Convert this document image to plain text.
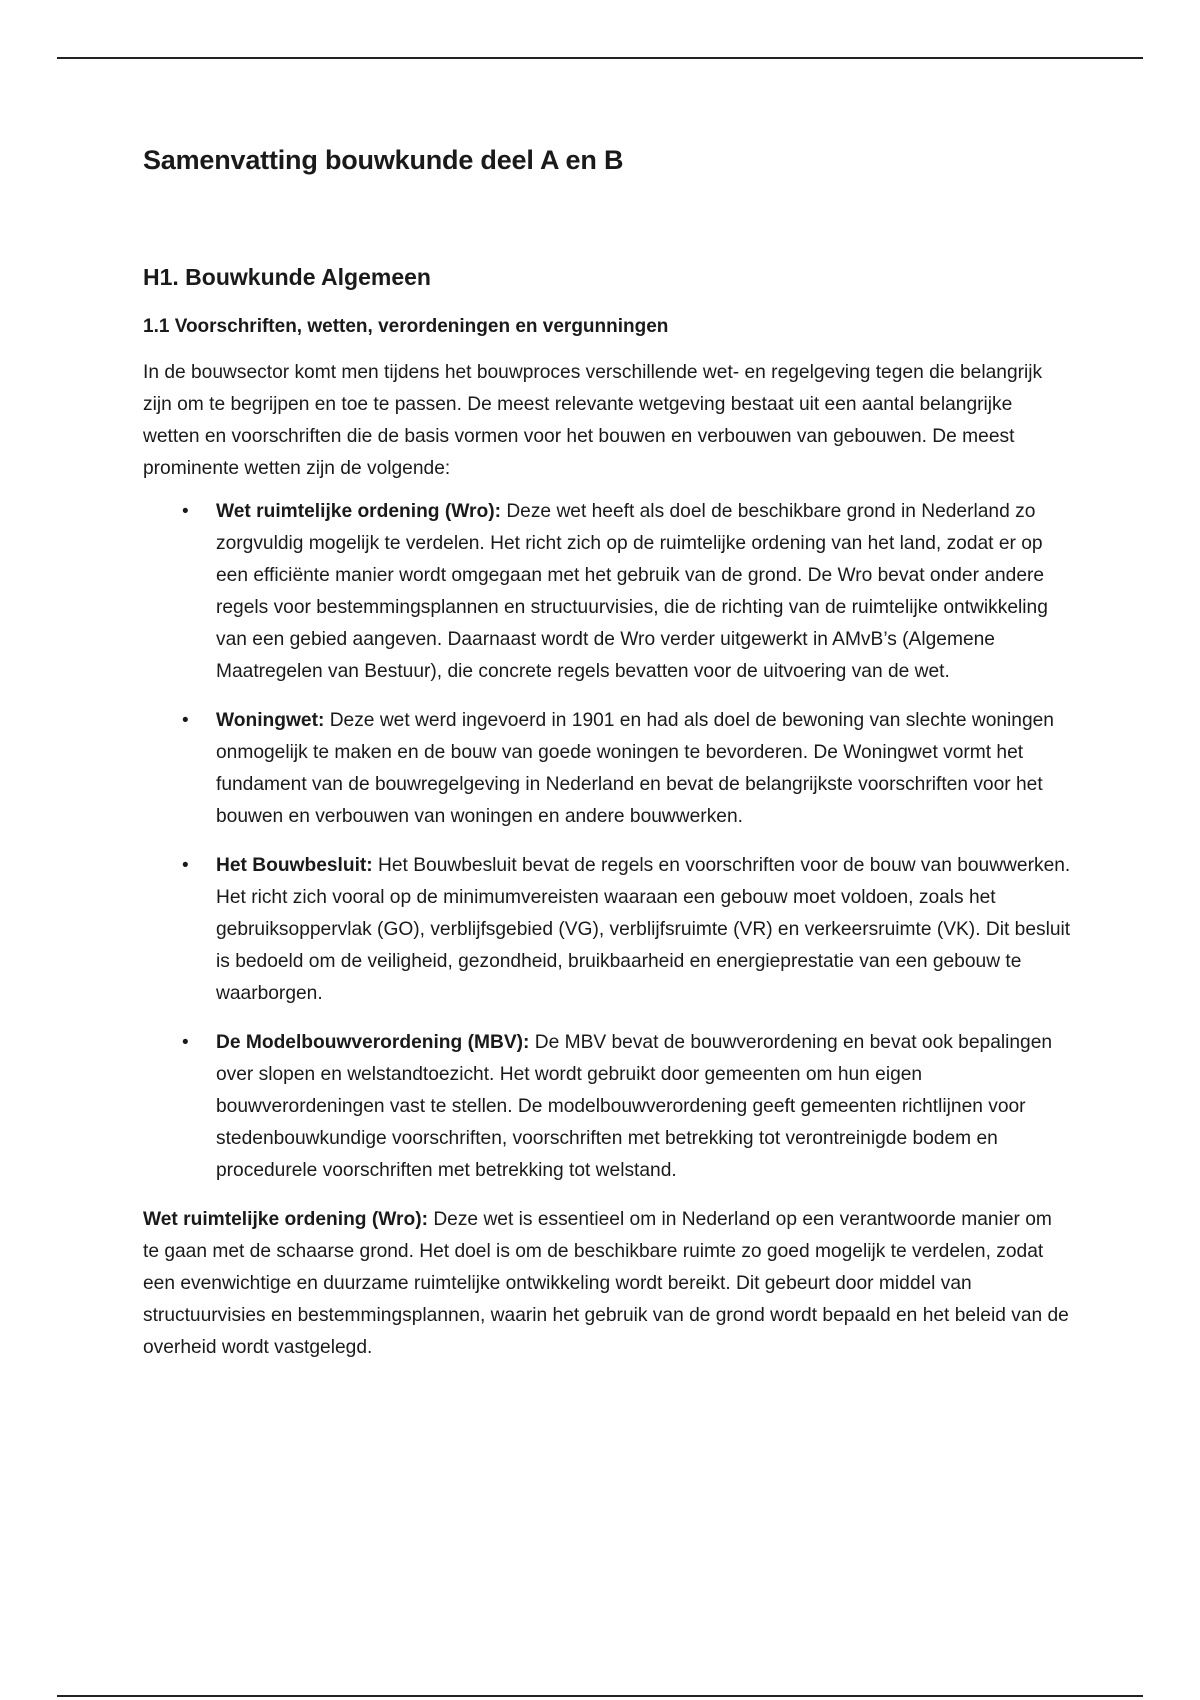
Samenvatting bouwkunde deel A en B
H1. Bouwkunde Algemeen
1.1 Voorschriften, wetten, verordeningen en vergunningen

In de bouwsector komt men tijdens het bouwproces verschillende wet- en regelgeving tegen die belangrijk zijn om te begrijpen en toe te passen. De meest relevante wetgeving bestaat uit een aantal belangrijke wetten en voorschriften die de basis vormen voor het bouwen en verbouwen van gebouwen. De meest prominente wetten zijn de volgende:

• Wet ruimtelijke ordening (Wro): Deze wet heeft als doel de beschikbare grond in Nederland zo zorgvuldig mogelijk te verdelen. Het richt zich op de ruimtelijke ordening van het land, zodat er op een efficiënte manier wordt omgegaan met het gebruik van de grond. De Wro bevat onder andere regels voor bestemmingsplannen en structuurvisies, die de richting van de ruimtelijke ontwikkeling van een gebied aangeven. Daarnaast wordt de Wro verder uitgewerkt in AMvB’s (Algemene Maatregelen van Bestuur), die concrete regels bevatten voor de uitvoering van de wet.
• Woningwet: Deze wet werd ingevoerd in 1901 en had als doel de bewoning van slechte woningen onmogelijk te maken en de bouw van goede woningen te bevorderen. De Woningwet vormt het fundament van de bouwregelgeving in Nederland en bevat de belangrijkste voorschriften voor het bouwen en verbouwen van woningen en andere bouwwerken.
• Het Bouwbesluit: Het Bouwbesluit bevat de regels en voorschriften voor de bouw van bouwwerken. Het richt zich vooral op de minimumvereisten waaraan een gebouw moet voldoen, zoals het gebruiksoppervlak (GO), verblijfsgebied (VG), verblijfsruimte (VR) en verkeersruimte (VK). Dit besluit is bedoeld om de veiligheid, gezondheid, bruikbaarheid en energieprestatie van een gebouw te waarborgen.
• De Modelbouwverordening (MBV): De MBV bevat de bouwverordening en bevat ook bepalingen over slopen en welstandtoezicht. Het wordt gebruikt door gemeenten om hun eigen bouwverordeningen vast te stellen. De modelbouwverordening geeft gemeenten richtlijnen voor stedenbouwkundige voorschriften, voorschriften met betrekking tot verontreinigde bodem en procedurele voorschriften met betrekking tot welstand.

Wet ruimtelijke ordening (Wro): Deze wet is essentieel om in Nederland op een verantwoorde manier om te gaan met de schaarse grond. Het doel is om de beschikbare ruimte zo goed mogelijk te verdelen, zodat een evenwichtige en duurzame ruimtelijke ontwikkeling wordt bereikt. Dit gebeurt door middel van structuurvisies en bestemmingsplannen, waarin het gebruik van de grond wordt bepaald en het beleid van de overheid wordt vastgelegd.
